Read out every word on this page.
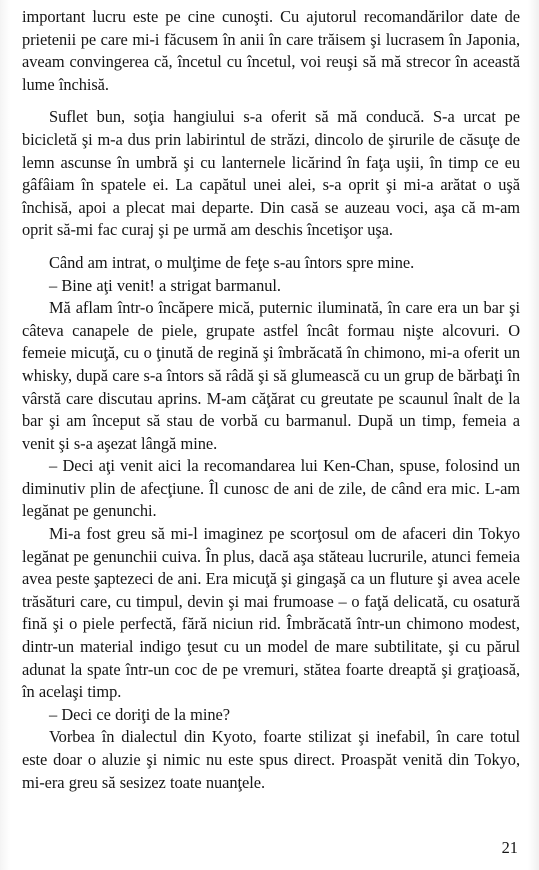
important lucru este pe cine cunoşti. Cu ajutorul recomandărilor date de prietenii pe care mi-i făcusem în anii în care trăisem şi lucrasem în Japonia, aveam convingerea că, încetul cu încetul, voi reuşi să mă strecor în această lume închisă.

Suflet bun, soţia hangiului s-a oferit să mă conducă. S-a urcat pe bicicletă şi m-a dus prin labirintul de străzi, dincolo de şirurile de căsuţe de lemn ascunse în umbră şi cu lanternele licărind în faţa uşii, în timp ce eu gâfâiam în spatele ei. La capătul unei alei, s-a oprit şi mi-a arătat o uşă închisă, apoi a plecat mai departe. Din casă se auzeau voci, aşa că m-am oprit să-mi fac curaj şi pe urmă am deschis încetişor uşa.

Când am intrat, o mulţime de feţe s-au întors spre mine.

– Bine aţi venit! a strigat barmanul.

Mă aflam într-o încăpere mică, puternic iluminată, în care era un bar şi câteva canapele de piele, grupate astfel încât formau nişte alcovuri. O femeie micuţă, cu o ţinută de regină şi îmbrăcată în chimono, mi-a oferit un whisky, după care s-a întors să râdă şi să glumească cu un grup de bărbaţi în vârstă care discutau aprins. M-am căţărat cu greutate pe scaunul înalt de la bar şi am început să stau de vorbă cu barmanul. După un timp, femeia a venit şi s-a aşezat lângă mine.

– Deci aţi venit aici la recomandarea lui Ken-Chan, spuse, folosind un diminutiv plin de afecţiune. Îl cunosc de ani de zile, de când era mic. L-am legănat pe genunchi.

Mi-a fost greu să mi-l imaginez pe scorţosul om de afaceri din Tokyo legănat pe genunchii cuiva. În plus, dacă aşa stăteau lucrurile, atunci femeia avea peste şaptezeci de ani. Era micuţă şi gingaşă ca un fluture şi avea acele trăsături care, cu timpul, devin şi mai frumoase – o faţă delicată, cu osatură fină şi o piele perfectă, fără niciun rid. Îmbrăcată într-un chimono modest, dintr-un material indigo ţesut cu un model de mare subtilitate, şi cu părul adunat la spate într-un coc de pe vremuri, stătea foarte dreaptă şi graţioasă, în acelaşi timp.

– Deci ce doriţi de la mine?

Vorbea în dialectul din Kyoto, foarte stilizat şi inefabil, în care totul este doar o aluzie şi nimic nu este spus direct. Proaspăt venită din Tokyo, mi-era greu să sesizez toate nuanţele.

21
